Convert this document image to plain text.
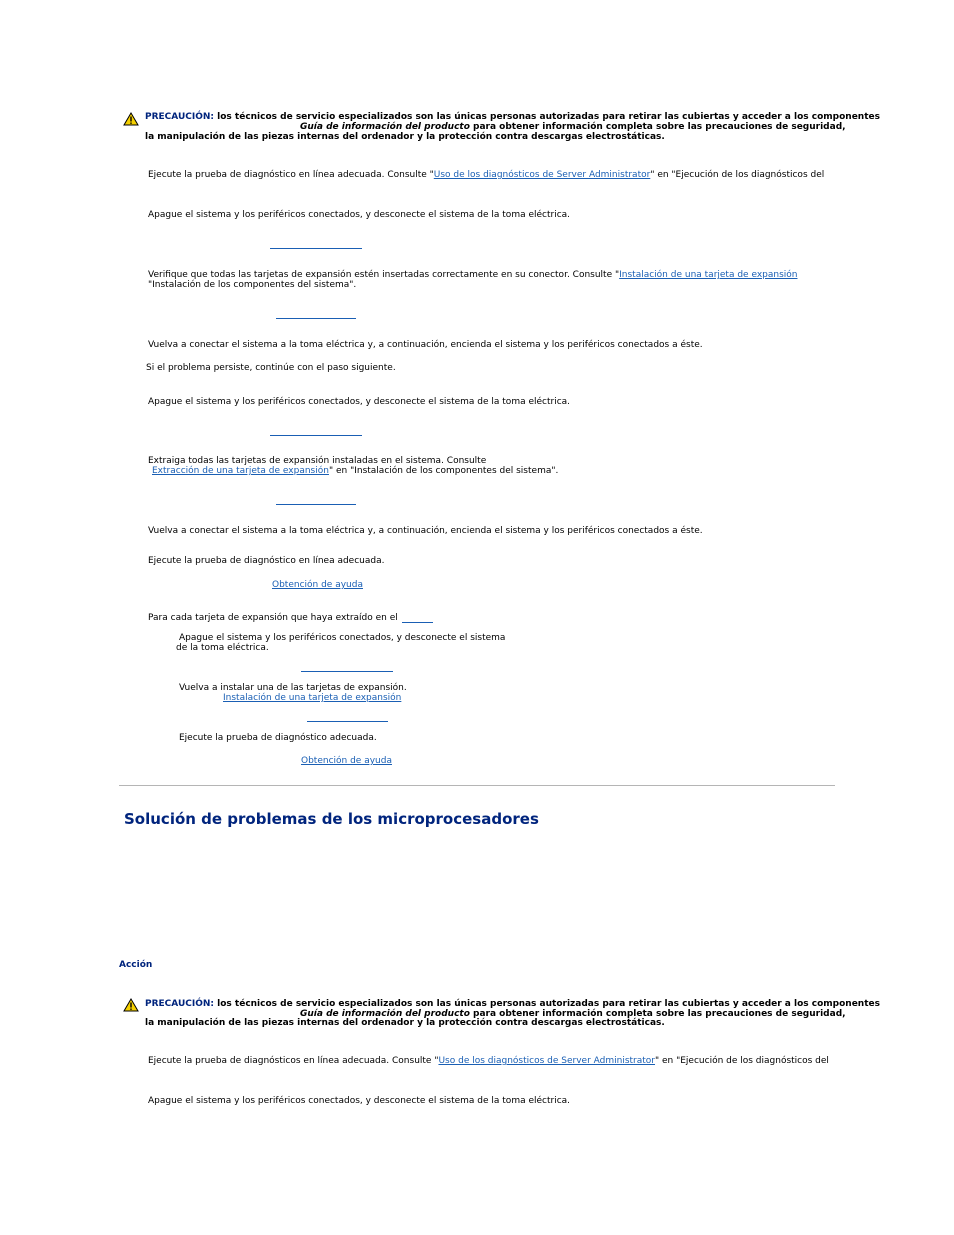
PRECAUCIÓN: los técnicos de servicio especializados son las únicas personas autorizadas para retirar las cubiertas y acceder a los componentes
Guía de información del producto para obtener información completa sobre las precauciones de seguridad,
la manipulación de las piezas internas del ordenador y la protección contra descargas electrostáticas.
Ejecute la prueba de diagnóstico en línea adecuada. Consulte "Uso de los diagnósticos de Server Administrator" en "Ejecución de los diagnósticos del
Apague el sistema y los periféricos conectados, y desconecte el sistema de la toma eléctrica.
Verifique que todas las tarjetas de expansión estén insertadas correctamente en su conector. Consulte "Instalación de una tarjeta de expansión
"Instalación de los componentes del sistema".
Vuelva a conectar el sistema a la toma eléctrica y, a continuación, encienda el sistema y los periféricos conectados a éste.
Si el problema persiste, continúe con el paso siguiente.
Apague el sistema y los periféricos conectados, y desconecte el sistema de la toma eléctrica.
Extraiga todas las tarjetas de expansión instaladas en el sistema. Consulte
Extracción de una tarjeta de expansión" en "Instalación de los componentes del sistema".
Vuelva a conectar el sistema a la toma eléctrica y, a continuación, encienda el sistema y los periféricos conectados a éste.
Ejecute la prueba de diagnóstico en línea adecuada.
Obtención de ayuda
Para cada tarjeta de expansión que haya extraído en el
Apague el sistema y los periféricos conectados, y desconecte el sistema
de la toma eléctrica.
Vuelva a instalar una de las tarjetas de expansión.
Instalación de una tarjeta de expansión
Ejecute la prueba de diagnóstico adecuada.
Obtención de ayuda
Solución de problemas de los microprocesadores
Acción
PRECAUCIÓN: los técnicos de servicio especializados son las únicas personas autorizadas para retirar las cubiertas y acceder a los componentes
Guía de información del producto para obtener información completa sobre las precauciones de seguridad,
la manipulación de las piezas internas del ordenador y la protección contra descargas electrostáticas.
Ejecute la prueba de diagnósticos en línea adecuada. Consulte "Uso de los diagnósticos de Server Administrator" en "Ejecución de los diagnósticos del
Apague el sistema y los periféricos conectados, y desconecte el sistema de la toma eléctrica.
